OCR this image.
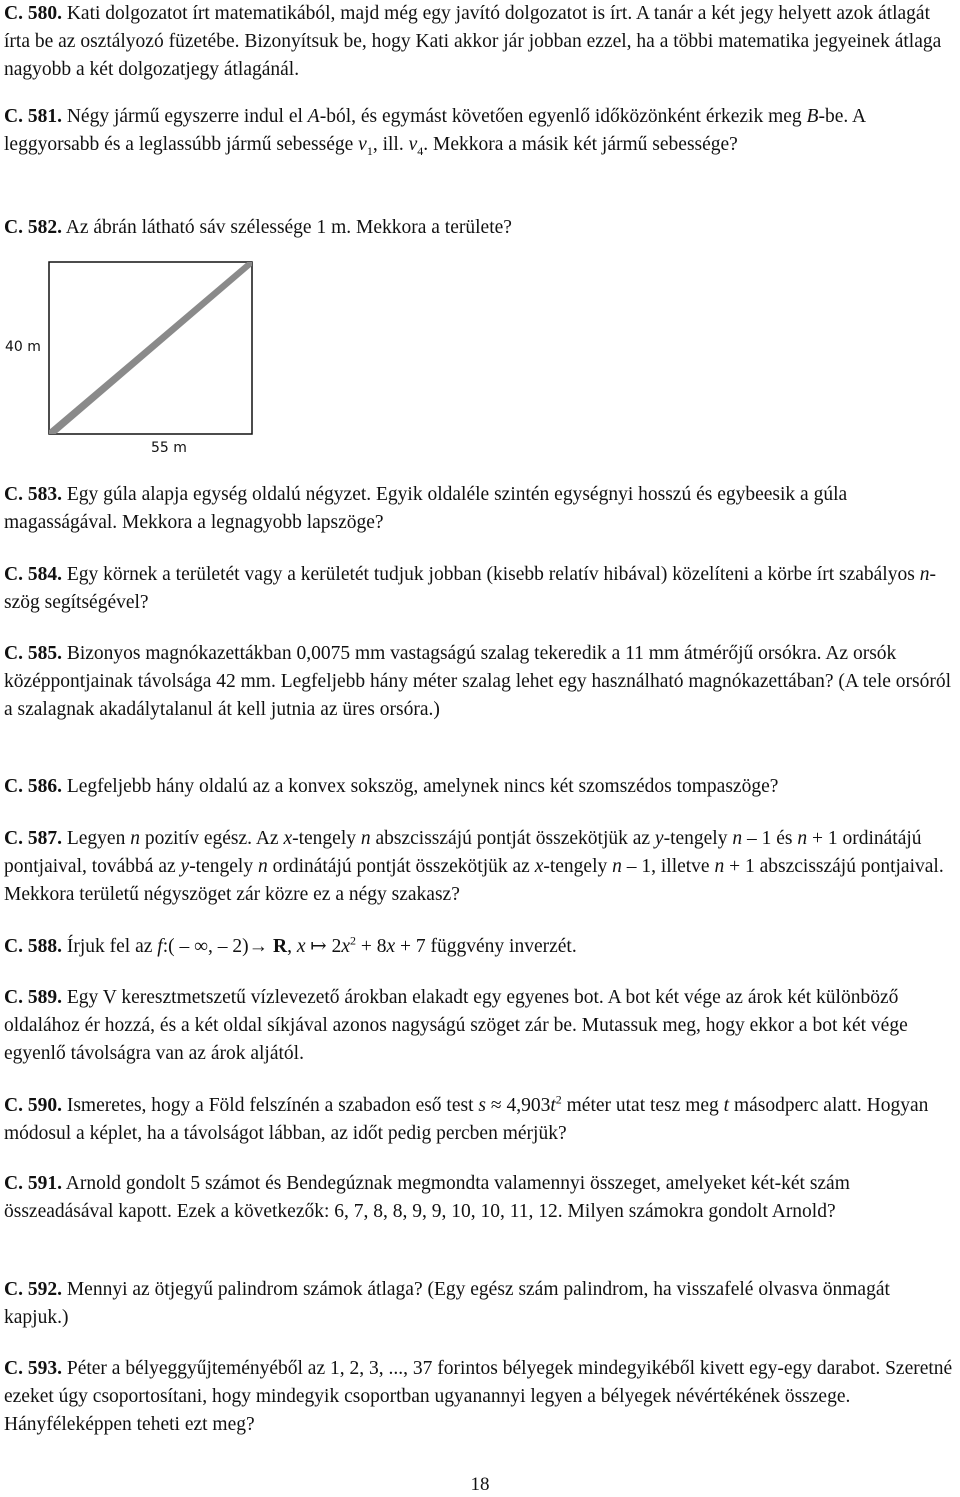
C. 580. Kati dolgozatot írt matematikából, majd még egy javító dolgozatot is írt. A tanár a két jegy helyett azok átlagát írta be az osztályozó füzetébe. Bizonyítsuk be, hogy Kati akkor jár jobban ezzel, ha a többi matematika jegyeinek átlaga nagyobb a két dolgozatjegy átlagánál.

C. 581. Négy jármű egyszerre indul el A-ból, és egymást követően egyenlő időközönként érkezik meg B-be. A leggyorsabb és a leglassúbb jármű sebessége $v_1$, ill. $v_4$. Mekkora a másik két jármű sebessége?

C. 582. Az ábrán látható sáv szélessége 1 m. Mekkora a területe?

40 m
55 m

C. 583. Egy gúla alapja egység oldalú négyzet. Egyik oldaléle szintén egységnyi hosszú és egybeesik a gúla magasságával. Mekkora a legnagyobb lapszöge?

C. 584. Egy körnek a területét vagy a kerületét tudjuk jobban (kisebb relatív hibával) közelíteni a körbe írt szabályos n-szög segítségével?

C. 585. Bizonyos magnókazettákban 0,0075 mm vastagságú szalag tekeredik a 11 mm átmérőjű orsókra. Az orsók középpontjainak távolsága 42 mm. Legfeljebb hány méter szalag lehet egy használható magnókazettában? (A tele orsóról a szalagnak akadálytalanul át kell jutnia az üres orsóra.)

C. 586. Legfeljebb hány oldalú az a konvex sokszög, amelynek nincs két szomszédos tompaszöge?

C. 587. Legyen n pozitív egész. Az x-tengely n abszcisszájú pontját összekötjük az y-tengely n – 1 és n + 1 ordinátájú pontjaival, továbbá az y-tengely n ordinátájú pontját összekötjük az x-tengely n – 1, illetve n + 1 abszcisszájú pontjaival. Mekkora területű négyszöget zár közre ez a négy szakasz?

C. 588. Írjuk fel az f:( – ∞, – 2)→ R, x ↦ $2x^2 + 8x + 7$ függvény inverzét.

C. 589. Egy V keresztmetszetű vízlevezető árokban elakadt egy egyenes bot. A bot két vége az árok két különböző oldalához ér hozzá, és a két oldal síkjával azonos nagyságú szöget zár be. Mutassuk meg, hogy ekkor a bot két vége egyenlő távolságra van az árok aljától.

C. 590. Ismeretes, hogy a Föld felszínén a szabadon eső test $s \approx 4,903t^2$ méter utat tesz meg t másodperc alatt. Hogyan módosul a képlet, ha a távolságot lábban, az időt pedig percben mérjük?

C. 591. Arnold gondolt 5 számot és Bendegúznak megmondta valamennyi összeget, amelyeket két-két szám összeadásával kapott. Ezek a következők: 6, 7, 8, 8, 9, 9, 10, 10, 11, 12. Milyen számokra gondolt Arnold?

C. 592. Mennyi az ötjegyű palindrom számok átlaga? (Egy egész szám palindrom, ha visszafelé olvasva önmagát kapjuk.)

C. 593. Péter a bélyeggyűjteményéből az 1, 2, 3, ..., 37 forintos bélyegek mindegyikéből kivett egy-egy darabot. Szeretné ezeket úgy csoportosítani, hogy mindegyik csoportban ugyanannyi legyen a bélyegek névértékének összege. Hányféleképpen teheti ezt meg?

18
